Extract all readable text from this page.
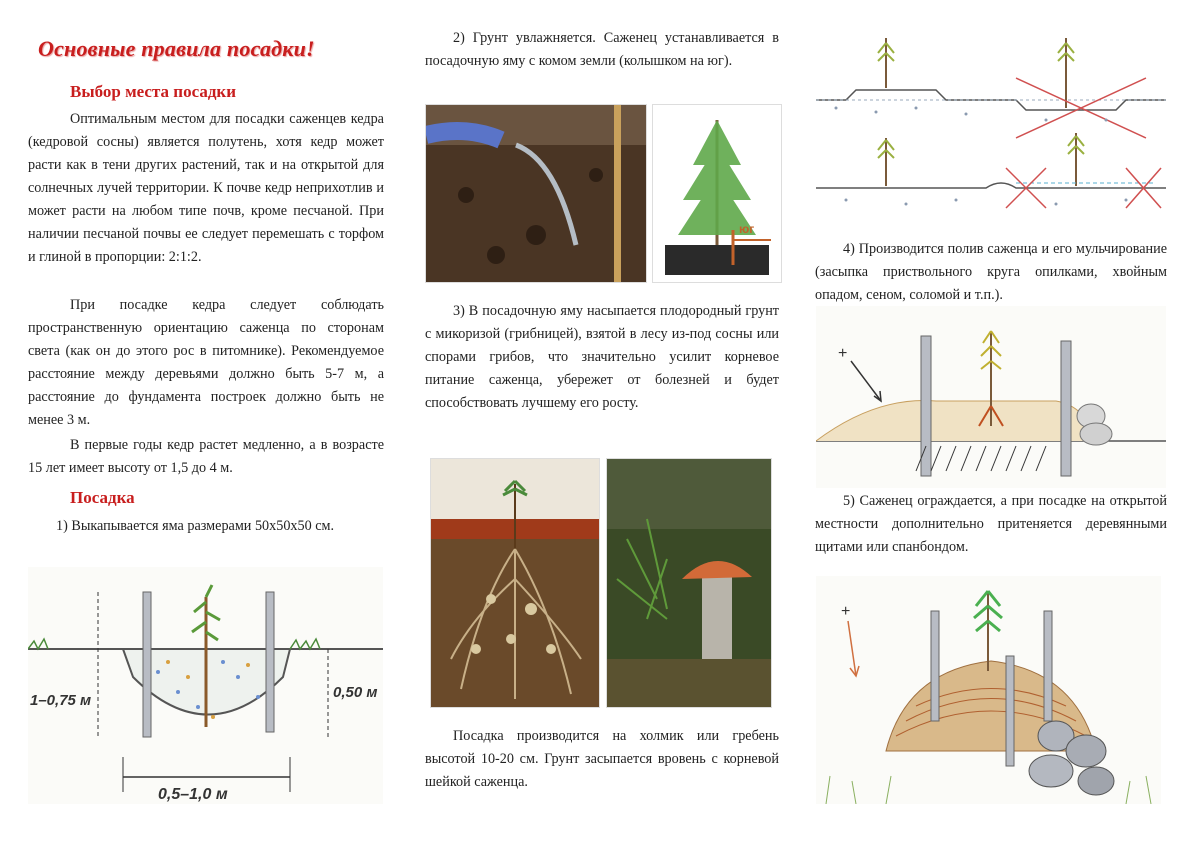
Основные правила посадки!
Выбор места посадки

Оптимальным местом для посадки саженцев кедра (кедровой сосны) является полутень, хотя кедр может расти как в тени других растений, так и на открытой для солнечных лучей территории. К почве кедр неприхотлив и может расти на любом типе почв, кроме песчаной. При наличии песчаной почвы ее следует перемешать с торфом и глиной в пропорции: 2:1:2.

При посадке кедра следует соблюдать пространственную ориентацию саженца по сторонам света (как он до этого рос в питомнике). Рекомендуемое расстояние между деревьями должно быть 5-7 м, а расстояние до фундамента построек должно быть не менее 3 м.

В первые годы кедр растет медленно, а в возрасте 15 лет имеет высоту от 1,5 до 4 м.

Посадка

1) Выкапывается яма размерами 50х50х50 см.

1–0,75 м	0,50 м
0,5–1,0 м

2) Грунт увлажняется. Саженец устанавливается в посадочную яму с комом земли (колышком на юг).

юг

3) В посадочную яму насыпается плодородный грунт с микоризой (грибницей), взятой в лесу из-под сосны или спорами грибов, что значительно усилит корневое питание саженца, убережет от болезней и будет способствовать лучшему его росту.

Посадка производится на холмик или гребень высотой 10-20 см. Грунт засыпается вровень с корневой шейкой саженца.

4) Производится полив саженца и его мульчирование (засыпка приствольного круга опилками, хвойным опадом, сеном, соломой и т.п.).

+

5) Саженец ограждается, а при посадке на открытой местности дополнительно притеняется деревянными щитами или спанбондом.

+
